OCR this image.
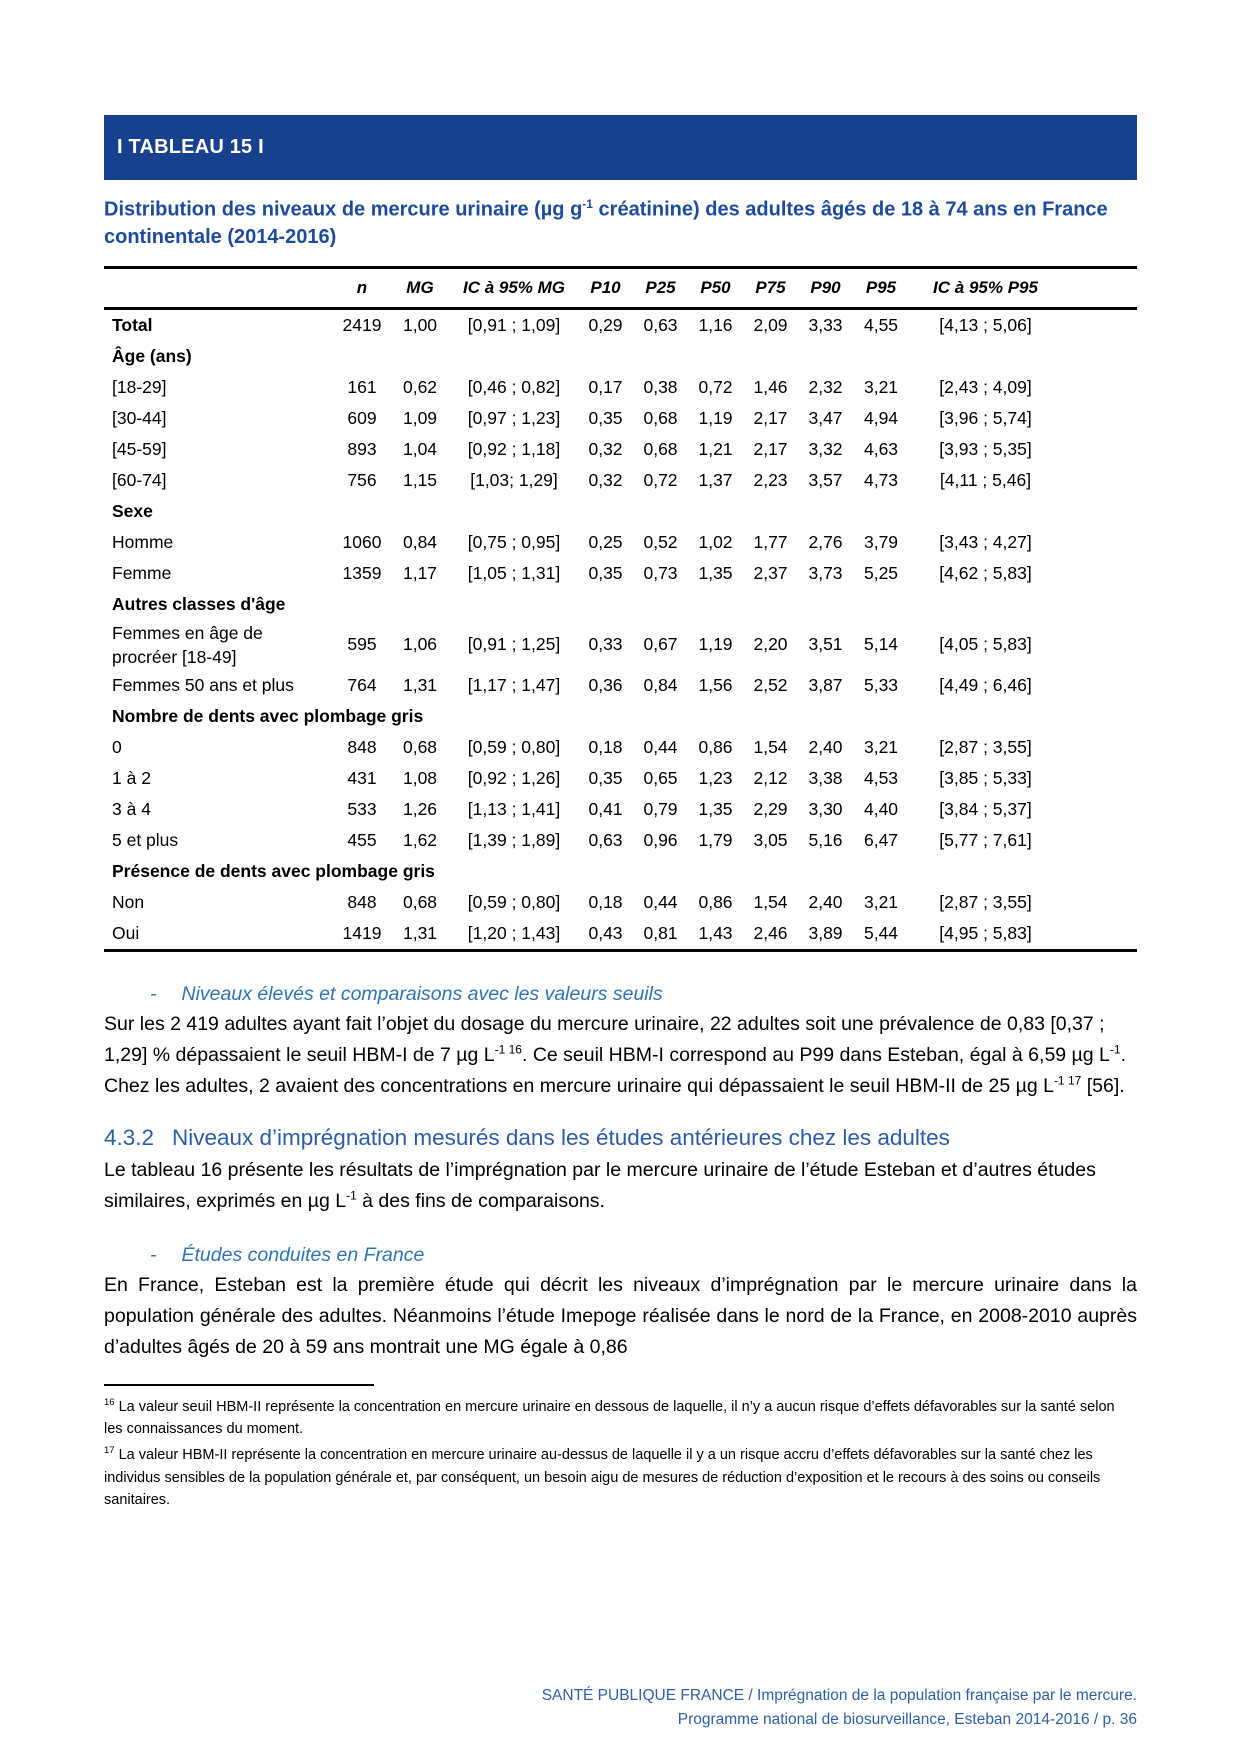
I TABLEAU 15 I
Distribution des niveaux de mercure urinaire (µg $g^{-1}$ créatinine) des adultes âgés de 18 à 74 ans en France continentale (2014-2016)
	n	MG	IC à 95% MG	P10	P25	P50	P75	P90	P95	IC à 95% P95	
Total	2419	1,00	[0,91 ; 1,09]	0,29	0,63	1,16	2,09	3,33	4,55	[4,13 ; 5,06]	
Âge (ans)											
[18-29]	161	0,62	[0,46 ; 0,82]	0,17	0,38	0,72	1,46	2,32	3,21	[2,43 ; 4,09]	
[30-44]	609	1,09	[0,97 ; 1,23]	0,35	0,68	1,19	2,17	3,47	4,94	[3,96 ; 5,74]	
[45-59]	893	1,04	[0,92 ; 1,18]	0,32	0,68	1,21	2,17	3,32	4,63	[3,93 ; 5,35]	
[60-74]	756	1,15	[1,03; 1,29]	0,32	0,72	1,37	2,23	3,57	4,73	[4,11 ; 5,46]	
Sexe											
Homme	1060	0,84	[0,75 ; 0,95]	0,25	0,52	1,02	1,77	2,76	3,79	[3,43 ; 4,27]	
Femme	1359	1,17	[1,05 ; 1,31]	0,35	0,73	1,35	2,37	3,73	5,25	[4,62 ; 5,83]	
Autres classes d'âge											
Femmes en âge de procréer [18-49]	595	1,06	[0,91 ; 1,25]	0,33	0,67	1,19	2,20	3,51	5,14	[4,05 ; 5,83]	
Femmes 50 ans et plus	764	1,31	[1,17 ; 1,47]	0,36	0,84	1,56	2,52	3,87	5,33	[4,49 ; 6,46]	
Nombre de dents avec plombage gris											
0	848	0,68	[0,59 ; 0,80]	0,18	0,44	0,86	1,54	2,40	3,21	[2,87 ; 3,55]	
1 à 2	431	1,08	[0,92 ; 1,26]	0,35	0,65	1,23	2,12	3,38	4,53	[3,85 ; 5,33]	
3 à 4	533	1,26	[1,13 ; 1,41]	0,41	0,79	1,35	2,29	3,30	4,40	[3,84 ; 5,37]	
5 et plus	455	1,62	[1,39 ; 1,89]	0,63	0,96	1,79	3,05	5,16	6,47	[5,77 ; 7,61]	
Présence de dents avec plombage gris											
Non	848	0,68	[0,59 ; 0,80]	0,18	0,44	0,86	1,54	2,40	3,21	[2,87 ; 3,55]	
Oui	1419	1,31	[1,20 ; 1,43]	0,43	0,81	1,43	2,46	3,89	5,44	[4,95 ; 5,83]	
- Niveaux élevés et comparaisons avec les valeurs seuils

Sur les 2 419 adultes ayant fait l’objet du dosage du mercure urinaire, 22 adultes soit une prévalence de 0,83 [0,37 ; 1,29] % dépassaient le seuil HBM-I de 7 µg $L^{-1 16}$. Ce seuil HBM-I correspond au P99 dans Esteban, égal à 6,59 µg $L^{-1}$.

Chez les adultes, 2 avaient des concentrations en mercure urinaire qui dépassaient le seuil HBM-II de 25 µg $L^{-1 17}$ [56].

4.3.2 Niveaux d’imprégnation mesurés dans les études antérieures chez les adultes

Le tableau 16 présente les résultats de l’imprégnation par le mercure urinaire de l’étude Esteban et d’autres études similaires, exprimés en µg $L^{-1}$ à des fins de comparaisons.

- Études conduites en France

En France, Esteban est la première étude qui décrit les niveaux d’imprégnation par le mercure urinaire dans la population générale des adultes. Néanmoins l’étude Imepoge réalisée dans le nord de la France, en 2008-2010 auprès d’adultes âgés de 20 à 59 ans montrait une MG égale à 0,86

$^{16}$ La valeur seuil HBM-II représente la concentration en mercure urinaire en dessous de laquelle, il n’y a aucun risque d’effets défavorables sur la santé selon les connaissances du moment.

$^{17}$ La valeur HBM-II représente la concentration en mercure urinaire au-dessus de laquelle il y a un risque accru d’effets défavorables sur la santé chez les individus sensibles de la population générale et, par conséquent, un besoin aigu de mesures de réduction d’exposition et le recours à des soins ou conseils sanitaires.

SANTÉ PUBLIQUE FRANCE / Imprégnation de la population française par le mercure.
Programme national de biosurveillance, Esteban 2014-2016 / p. 36
